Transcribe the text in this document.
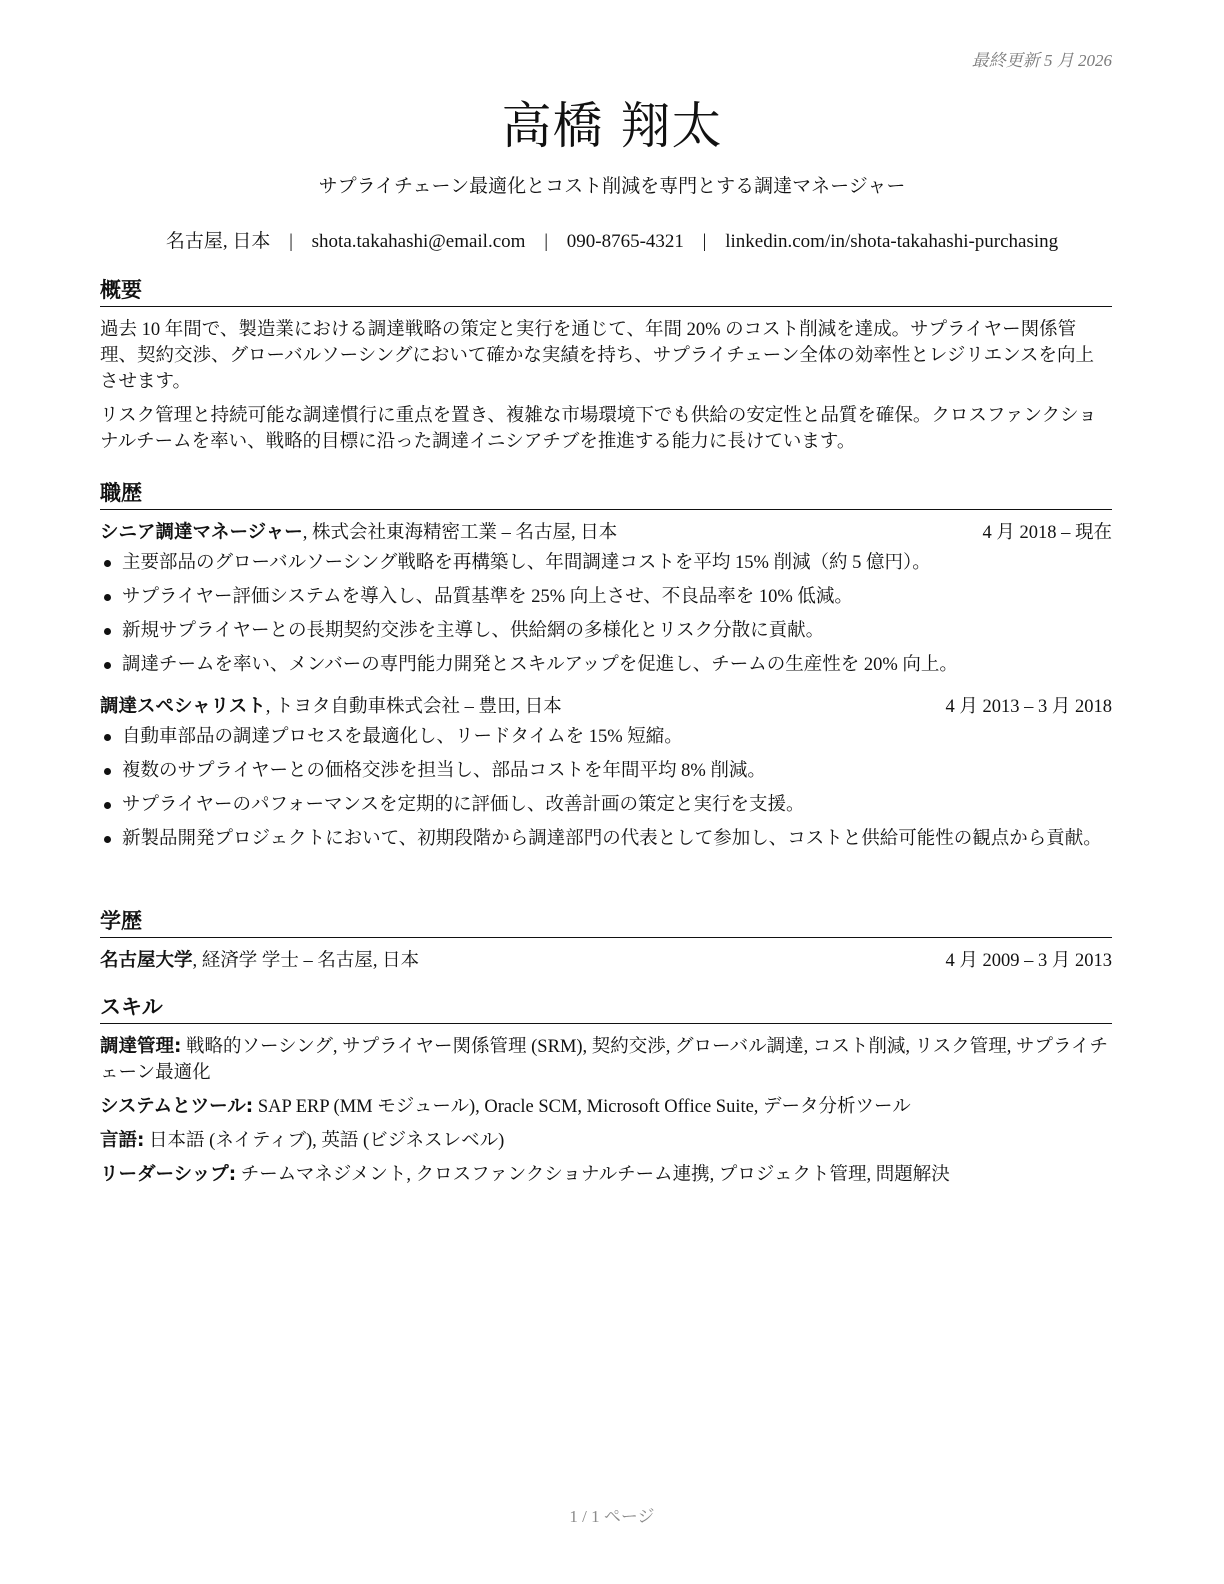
最終更新 5 月 2026
高橋 翔太
サプライチェーン最適化とコスト削減を専門とする調達マネージャー
名古屋, 日本 | shota.takahashi@email.com | 090-8765-4321 | linkedin.com/in/shota-takahashi-purchasing
概要

過去 10 年間で、製造業における調達戦略の策定と実行を通じて、年間 20% のコスト削減を達成。サプライヤー関係管理、契約交渉、グローバルソーシングにおいて確かな実績を持ち、サプライチェーン全体の効率性とレジリエンスを向上させます。

リスク管理と持続可能な調達慣行に重点を置き、複雑な市場環境下でも供給の安定性と品質を確保。クロスファンクショナルチームを率い、戦略的目標に沿った調達イニシアチブを推進する能力に長けています。

職歴
シニア調達マネージャー, 株式会社東海精密工業 – 名古屋, 日本	4 月 2018 – 現在
主要部品のグローバルソーシング戦略を再構築し、年間調達コストを平均 15% 削減（約 5 億円）。
サプライヤー評価システムを導入し、品質基準を 25% 向上させ、不良品率を 10% 低減。
新規サプライヤーとの長期契約交渉を主導し、供給網の多様化とリスク分散に貢献。
調達チームを率い、メンバーの専門能力開発とスキルアップを促進し、チームの生産性を 20% 向上。
調達スペシャリスト, トヨタ自動車株式会社 – 豊田, 日本	4 月 2013 – 3 月 2018
自動車部品の調達プロセスを最適化し、リードタイムを 15% 短縮。
複数のサプライヤーとの価格交渉を担当し、部品コストを年間平均 8% 削減。
サプライヤーのパフォーマンスを定期的に評価し、改善計画の策定と実行を支援。
新製品開発プロジェクトにおいて、初期段階から調達部門の代表として参加し、コストと供給可能性の観点から貢献。
学歴
名古屋大学, 経済学 学士 – 名古屋, 日本	4 月 2009 – 3 月 2013
スキル
調達管理: 戦略的ソーシング, サプライヤー関係管理 (SRM), 契約交渉, グローバル調達, コスト削減, リスク管理, サプライチェーン最適化
システムとツール: SAP ERP (MM モジュール), Oracle SCM, Microsoft Office Suite, データ分析ツール
言語: 日本語 (ネイティブ), 英語 (ビジネスレベル)
リーダーシップ: チームマネジメント, クロスファンクショナルチーム連携, プロジェクト管理, 問題解決
1 / 1 ページ
